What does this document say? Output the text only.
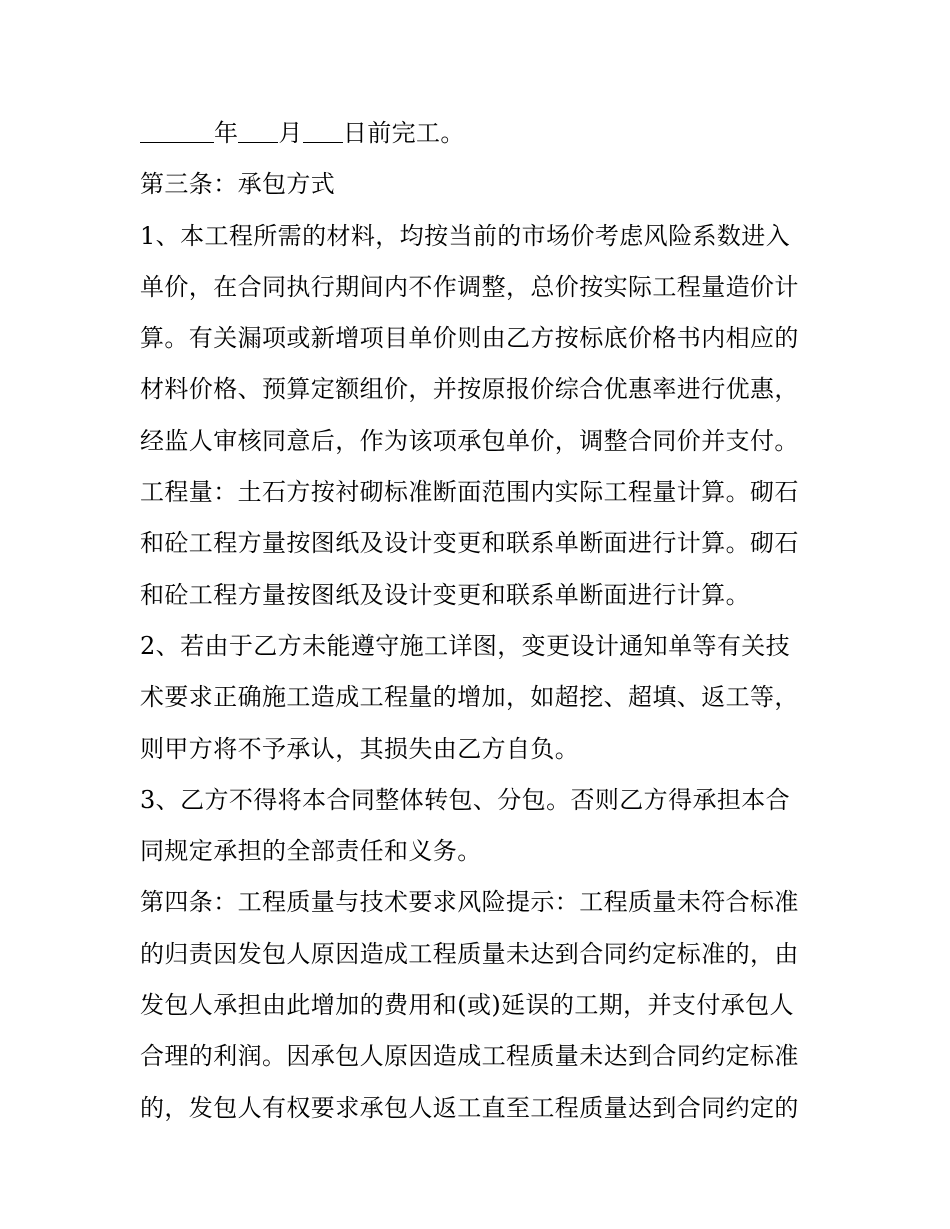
年 月 日前完工。
第三条：承包方式
1、本工程所需的材料，均按当前的市场价考虑风险系数进入
单价，在合同执行期间内不作调整，总价按实际工程量造价计
算。有关漏项或新增项目单价则由乙方按标底价格书内相应的
材料价格、预算定额组价，并按原报价综合优惠率进行优惠，
经监人审核同意后，作为该项承包单价，调整合同价并支付。
工程量：土石方按衬砌标准断面范围内实际工程量计算。砌石
和砼工程方量按图纸及设计变更和联系单断面进行计算。砌石
和砼工程方量按图纸及设计变更和联系单断面进行计算。
2、若由于乙方未能遵守施工详图，变更设计通知单等有关技
术要求正确施工造成工程量的增加，如超挖、超填、返工等，
则甲方将不予承认，其损失由乙方自负。
3、乙方不得将本合同整体转包、分包。否则乙方得承担本合
同规定承担的全部责任和义务。
第四条：工程质量与技术要求风险提示：工程质量未符合标准
的归责因发包人原因造成工程质量未达到合同约定标准的，由
发包人承担由此增加的费用和(或)延误的工期，并支付承包人
合理的利润。因承包人原因造成工程质量未达到合同约定标准
的，发包人有权要求承包人返工直至工程质量达到合同约定的
